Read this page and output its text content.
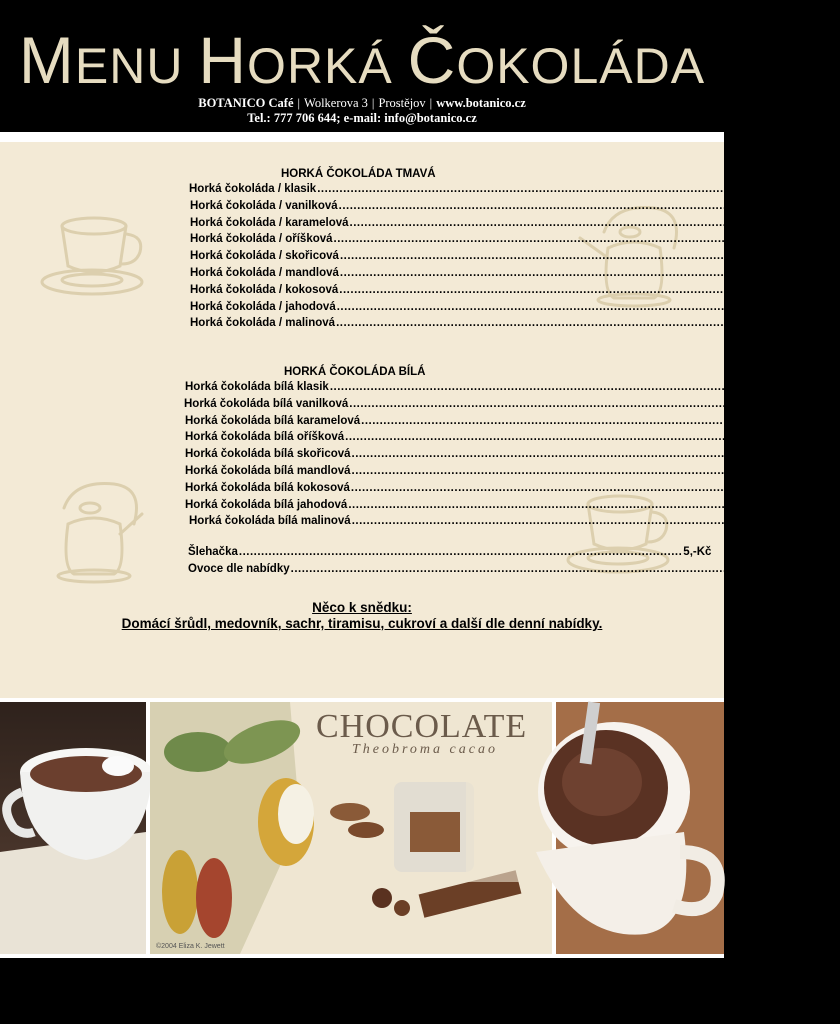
MENU HORKÁ ČOKOLÁDA
BOTANICO Café | Wolkerova 3 | Prostějov | www.botanico.cz
Tel.: 777 706 644; e-mail: info@botanico.cz
HORKÁ ČOKOLÁDA TMAVÁ
Horká čokoláda / klasik ........................................................................................................................ 39,- Kč
Horká čokoláda / vanilková ........................................................................................................................ 39,-Kč
Horká čokoláda / karamelová ........................................................................................................................ 39,-Kč
Horká čokoláda / oříšková ........................................................................................................................ 39,-Kč
Horká čokoláda / skořicová ........................................................................................................................ 39,-Kč
Horká čokoláda / mandlová ........................................................................................................................ 39,-Kč
Horká čokoláda / kokosová ........................................................................................................................ 39,-Kč
Horká čokoláda / jahodová ........................................................................................................................ 39,-Kč
Horká čokoláda / malinová ........................................................................................................................ 39,-Kč
HORKÁ ČOKOLÁDA BÍLÁ
Horká čokoláda bílá klasik ........................................................................................................................ 39,-Kč
Horká čokoláda bílá vanilková ........................................................................................................................ 39,-Kč
Horká čokoláda bílá karamelová ........................................................................................................................ 39,-Kč
Horká čokoláda bílá oříšková ........................................................................................................................ 39,-Kč
Horká čokoláda bílá skořicová ........................................................................................................................ 39,-Kč
Horká čokoláda bílá mandlová ........................................................................................................................ 39,-Kč
Horká čokoláda bílá kokosová ........................................................................................................................ 39,-Kč
Horká čokoláda bílá jahodová ........................................................................................................................ 39,-Kč
Horká čokoláda bílá malinová ........................................................................................................................ 39,-Kč
Šlehačka ........................................................................................................................ 5,-Kč
Ovoce dle nabídky ........................................................................................................................ 15,-Kč
Něco k snědku:
Domácí šrůdl, medovník, sachr, tiramisu, cukroví a další dle denní nabídky.
CHOCOLATE
Theobroma cacao
©2004 Eliza K. Jewett
